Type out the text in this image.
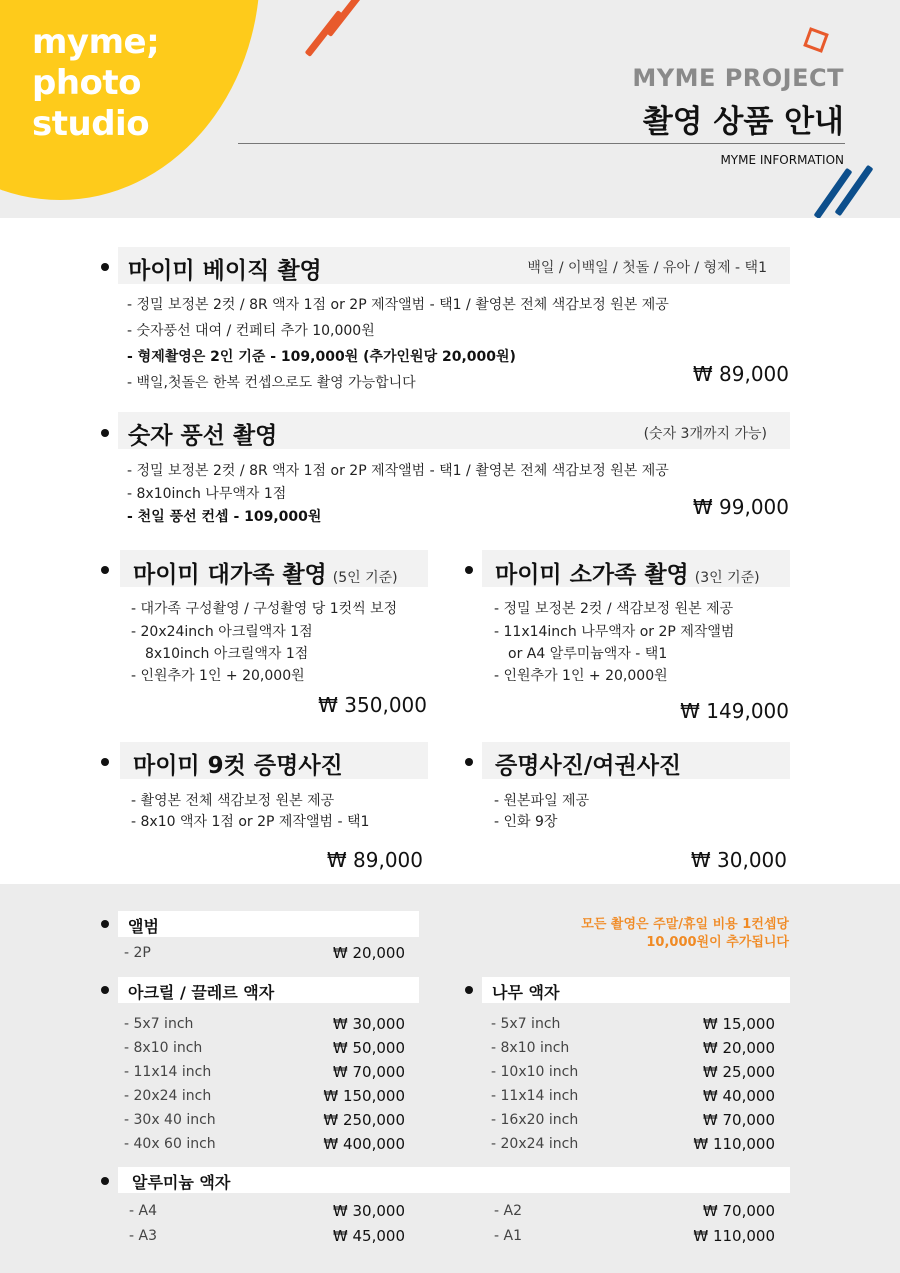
myme;
photo
studio
MYME PROJECT
촬영 상품 안내
MYME INFORMATION
마이미 베이직 촬영	백일 / 이백일 / 첫돌 / 유아 / 형제 - 택1
- 정밀 보정본 2컷 / 8R 액자 1점 or 2P 제작앨범 - 택1 / 촬영본 전체 색감보정 원본 제공
- 숫자풍선 대여 / 컨페티 추가 10,000원
- 형제촬영은 2인 기준 - 109,000원 (추가인원당 20,000원)
- 백일,첫돌은 한복 컨셉으로도 촬영 가능합니다	₩ 89,000
숫자 풍선 촬영	(숫자 3개까지 가능)
- 정밀 보정본 2컷 / 8R 액자 1점 or 2P 제작앨범 - 택1 / 촬영본 전체 색감보정 원본 제공
- 8x10inch 나무액자 1점
- 천일 풍선 컨셉 - 109,000원	₩ 99,000
마이미 대가족 촬영 (5인 기준)
- 대가족 구성촬영 / 구성촬영 당 1컷씩 보정
- 20x24inch 아크릴액자 1점
8x10inch 아크릴액자 1점
- 인원추가 1인 + 20,000원
₩ 350,000
마이미 소가족 촬영 (3인 기준)
- 정밀 보정본 2컷 / 색감보정 원본 제공
- 11x14inch 나무액자 or 2P 제작앨범
or A4 알루미늄액자 - 택1
- 인원추가 1인 + 20,000원
₩ 149,000
마이미 9컷 증명사진
- 촬영본 전체 색감보정 원본 제공
- 8x10 액자 1점 or 2P 제작앨범 - 택1
₩ 89,000
증명사진/여권사진
- 원본파일 제공
- 인화 9장
₩ 30,000
모든 촬영은 주말/휴일 비용 1컨셉당
10,000원이 추가됩니다
앨범
- 2P	₩ 20,000
아크릴 / 끌레르 액자
- 5x7 inch	₩ 30,000
- 8x10 inch	₩ 50,000
- 11x14 inch	₩ 70,000
- 20x24 inch	₩ 150,000
- 30x 40 inch	₩ 250,000
- 40x 60 inch	₩ 400,000
나무 액자
- 5x7 inch	₩ 15,000
- 8x10 inch	₩ 20,000
- 10x10 inch	₩ 25,000
- 11x14 inch	₩ 40,000
- 16x20 inch	₩ 70,000
- 20x24 inch	₩ 110,000
알루미늄 액자
- A4	₩ 30,000
- A3	₩ 45,000
- A2	₩ 70,000
- A1	₩ 110,000
